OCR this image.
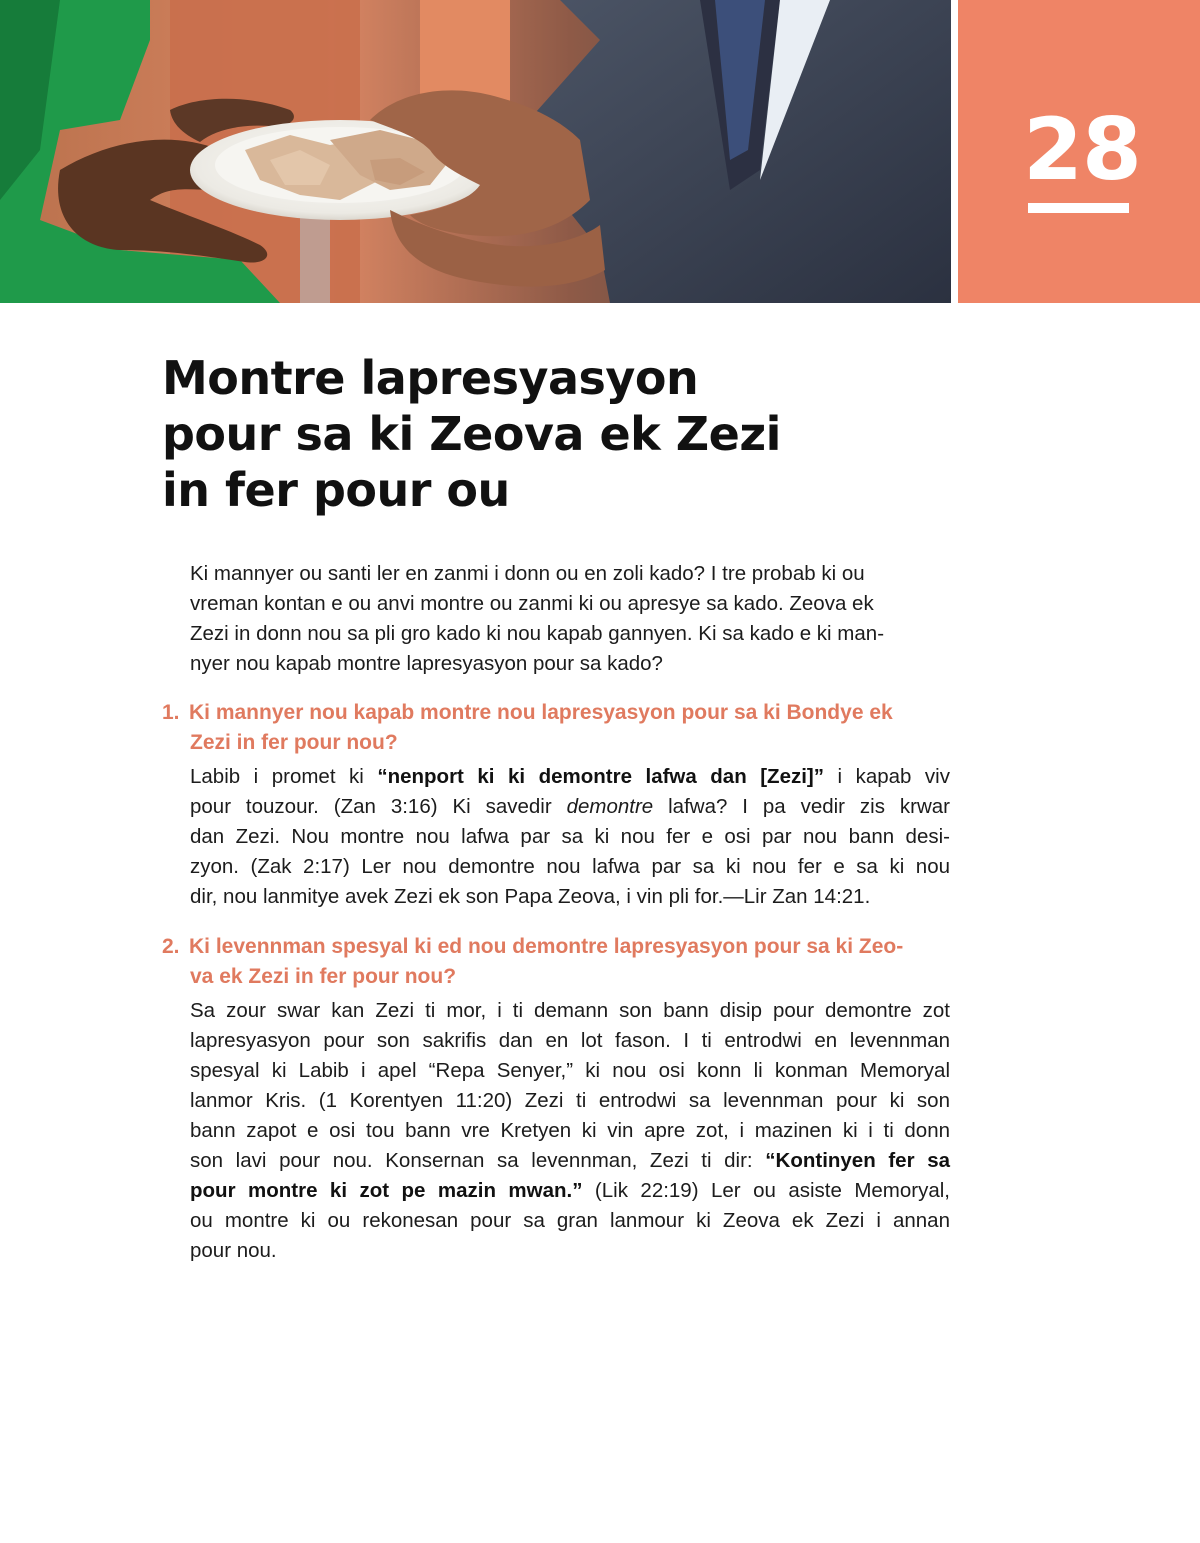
28
Montre lapresyasyon
pour sa ki Zeova ek Zezi
in fer pour ou
Ki mannyer ou santi ler en zanmi i donn ou en zoli kado? I tre probab ki ou
vreman kontan e ou anvi montre ou zanmi ki ou apresye sa kado. Zeova ek
Zezi in donn nou sa pli gro kado ki nou kapab gannyen. Ki sa kado e ki man-
nyer nou kapab montre lapresyasyon pour sa kado?
1. Ki mannyer nou kapab montre nou lapresyasyon pour sa ki Bondye ek
Zezi in fer pour nou?
Labib i promet ki “nenport ki ki demontre lafwa dan [Zezi]” i kapab viv
pour touzour. (Zan 3:16) Ki savedir demontre lafwa? I pa vedir zis krwar
dan Zezi. Nou montre nou lafwa par sa ki nou fer e osi par nou bann desi-
zyon. (Zak 2:17) Ler nou demontre nou lafwa par sa ki nou fer e sa ki nou
dir, nou lanmitye avek Zezi ek son Papa Zeova, i vin pli for.—Lir Zan 14:21.
2. Ki levennman spesyal ki ed nou demontre lapresyasyon pour sa ki Zeo-
va ek Zezi in fer pour nou?
Sa zour swar kan Zezi ti mor, i ti demann son bann disip pour demontre zot
lapresyasyon pour son sakrifis dan en lot fason. I ti entrodwi en levennman
spesyal ki Labib i apel “Repa Senyer,” ki nou osi konn li konman Memoryal
lanmor Kris. (1 Korentyen 11:20) Zezi ti entrodwi sa levennman pour ki son
bann zapot e osi tou bann vre Kretyen ki vin apre zot, i mazinen ki i ti donn
son lavi pour nou. Konsernan sa levennman, Zezi ti dir: “Kontinyen fer sa
pour montre ki zot pe mazin mwan.” (Lik 22:19) Ler ou asiste Memoryal,
ou montre ki ou rekonesan pour sa gran lanmour ki Zeova ek Zezi i annan
pour nou.
